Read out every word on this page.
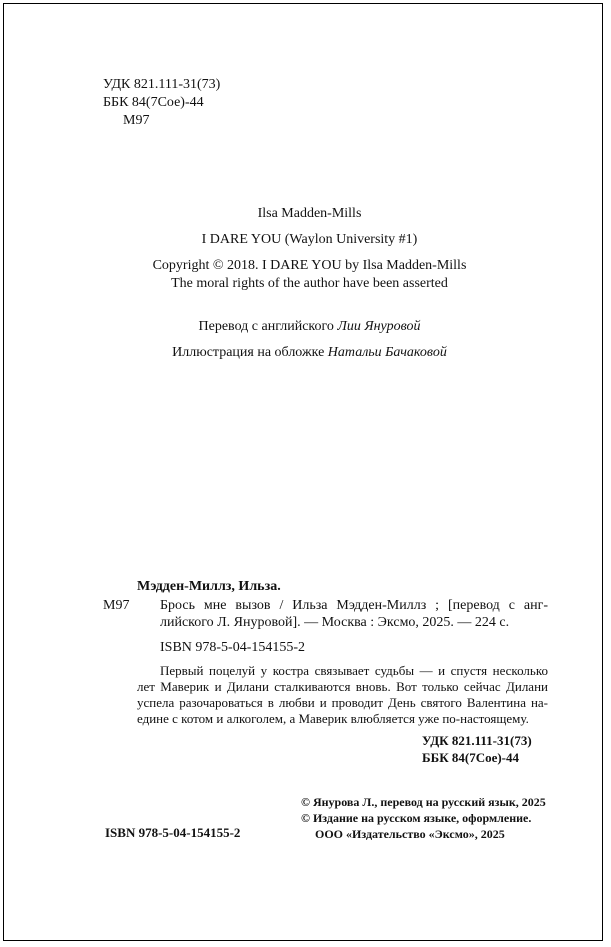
УДК 821.111-31(73)
ББК 84(7Сое)-44
М97
Ilsa Madden-Mills
I DARE YOU (Waylon University #1)
Copyright © 2018. I DARE YOU by Ilsa Madden-Mills
The moral rights of the author have been asserted
Перевод с английского Лии Януровой
Иллюстрация на обложке Натальи Бачаковой
Мэдден-Миллз, Ильза.
М97 Брось мне вызов / Ильза Мэдден-Миллз ; [перевод с анг-лийского Л. Януровой]. — Москва : Эксмо, 2025. — 224 с.
ISBN 978-5-04-154155-2
Первый поцелуй у костра связывает судьбы — и спустя несколько лет Маверик и Дилани сталкиваются вновь. Вот только сейчас Дилани успела разочароваться в любви и проводит День святого Валентина на-едине с котом и алкоголем, а Маверик влюбляется уже по-настоящему.
УДК 821.111-31(73)
ББК 84(7Сое)-44
© Янурова Л., перевод на русский язык, 2025
© Издание на русском языке, оформление.
ООО «Издательство «Эксмо», 2025
ISBN 978-5-04-154155-2
